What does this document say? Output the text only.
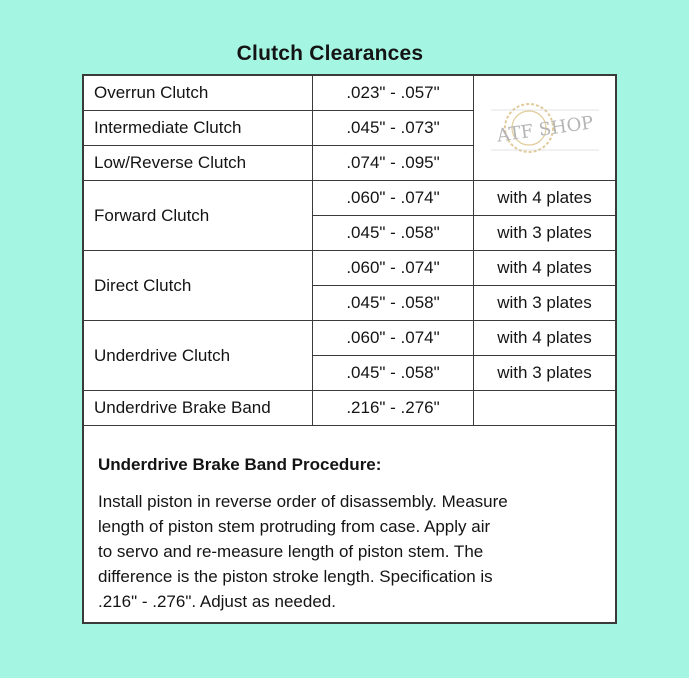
Clutch Clearances
Overrun Clutch	.023" - .057"	ATF SHOP

Intermediate Clutch	.045" - .073"	
Low/Reverse Clutch	.074" - .095"	
Forward Clutch	.060" - .074"	with 4 plates
	.045" - .058"	with 3 plates
Direct Clutch	.060" - .074"	with 4 plates
	.045" - .058"	with 3 plates
Underdrive Clutch	.060" - .074"	with 4 plates
	.045" - .058"	with 3 plates
Underdrive Brake Band	.216" - .276"	
Underdrive Brake Band Procedure:

Install piston in reverse order of disassembly. Measure
length of piston stem protruding from case. Apply air
to servo and re-measure length of piston stem. The
difference is the piston stroke length. Specification is
.216" - .276". Adjust as needed.
